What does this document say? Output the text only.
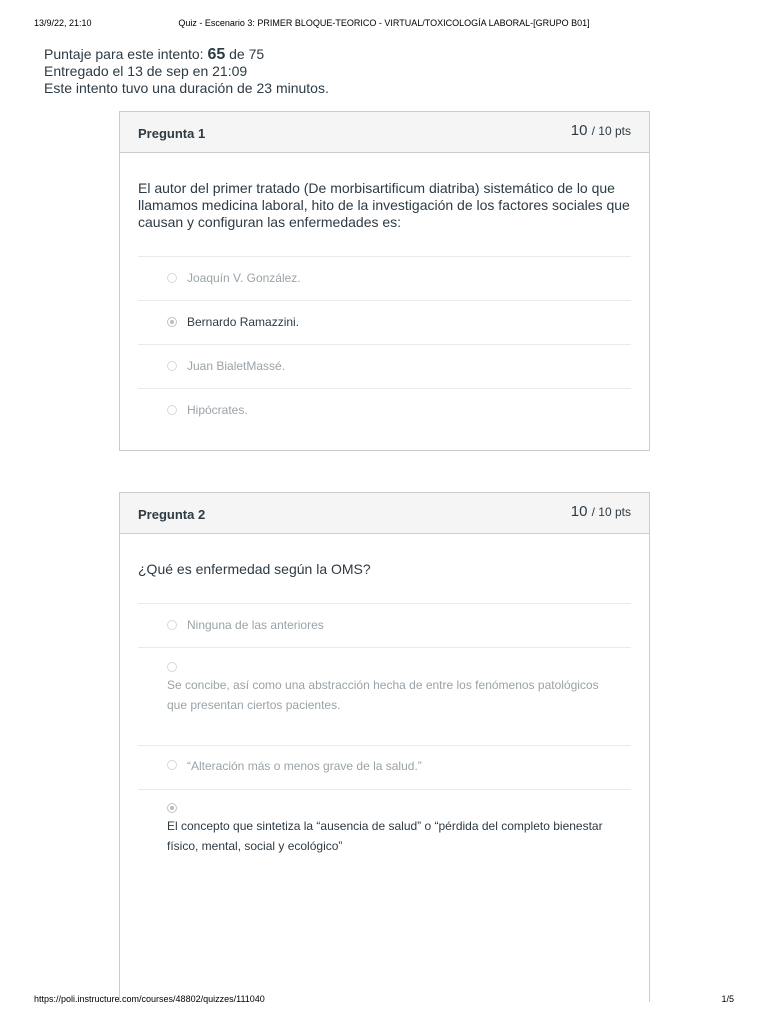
13/9/22, 21:10	Quiz - Escenario 3: PRIMER BLOQUE-TEORICO - VIRTUAL/TOXICOLOGÍA LABORAL-[GRUPO B01]
Puntaje para este intento: 65 de 75
Entregado el 13 de sep en 21:09
Este intento tuvo una duración de 23 minutos.
Pregunta 1	10 / 10 pts
El autor del primer tratado (De morbisartificum diatriba) sistemático de lo que llamamos medicina laboral, hito de la investigación de los factores sociales que causan y configuran las enfermedades es:
Joaquín V. González.
Bernardo Ramazzini.
Juan BialetMassé.
Hipócrates.
Pregunta 2	10 / 10 pts
¿Qué es enfermedad según la OMS?
Ninguna de las anteriores
Se concibe, así como una abstracción hecha de entre los fenómenos patológicos que presentan ciertos pacientes.
“Alteración más o menos grave de la salud.”
El concepto que sintetiza la “ausencia de salud” o “pérdida del completo bienestar físico, mental, social y ecológico”
https://poli.instructure.com/courses/48802/quizzes/111040	1/5
